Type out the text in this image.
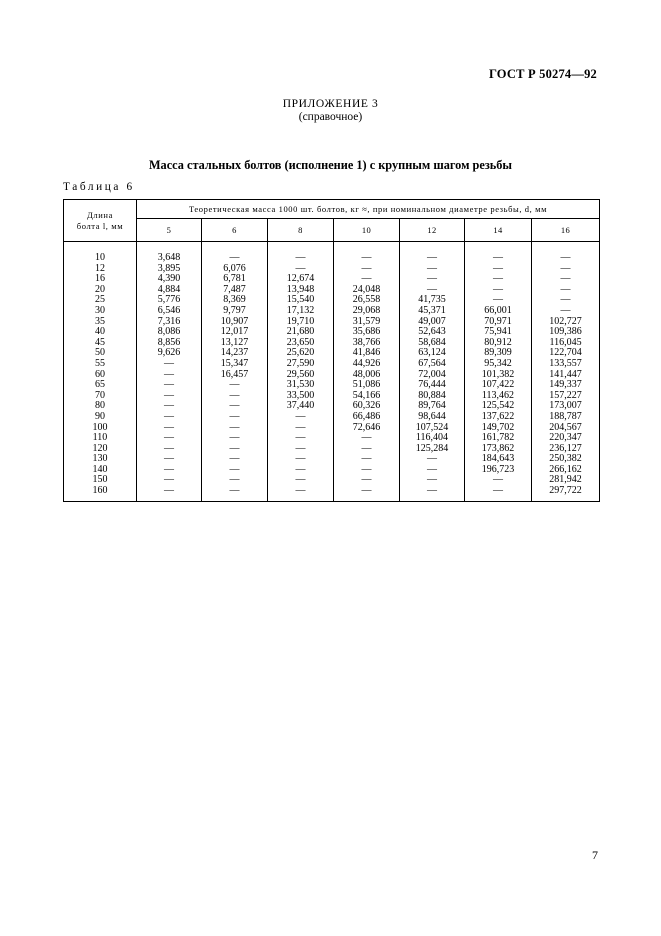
ГОСТ Р 50274—92
ПРИЛОЖЕНИЕ 3
(справочное)
Масса стальных болтов (исполнение 1) с крупным шагом резьбы
Таблица 6
Длина
болта l, мм	Теоретическая масса 1000 шт. болтов, кг ≈, при номинальном диаметре резьбы, d, мм						
	5	6	8	10	12	14	16

10	3,648	—	—	—	—	—	—
12	3,895	6,076	—	—	—	—	—
16	4,390	6,781	12,674	—	—	—	—
20	4,884	7,487	13,948	24,048	—	—	—
25	5,776	8,369	15,540	26,558	41,735	—	—
30	6,546	9,797	17,132	29,068	45,371	66,001	—
35	7,316	10,907	19,710	31,579	49,007	70,971	102,727
40	8,086	12,017	21,680	35,686	52,643	75,941	109,386
45	8,856	13,127	23,650	38,766	58,684	80,912	116,045
50	9,626	14,237	25,620	41,846	63,124	89,309	122,704
55	—	15,347	27,590	44,926	67,564	95,342	133,557
60	—	16,457	29,560	48,006	72,004	101,382	141,447
65	—	—	31,530	51,086	76,444	107,422	149,337
70	—	—	33,500	54,166	80,884	113,462	157,227
80	—	—	37,440	60,326	89,764	125,542	173,007
90	—	—	—	66,486	98,644	137,622	188,787
100	—	—	—	72,646	107,524	149,702	204,567
110	—	—	—	—	116,404	161,782	220,347
120	—	—	—	—	125,284	173,862	236,127
130	—	—	—	—	—	184,643	250,382
140	—	—	—	—	—	196,723	266,162
150	—	—	—	—	—	—	281,942
160	—	—	—	—	—	—	297,722
7
